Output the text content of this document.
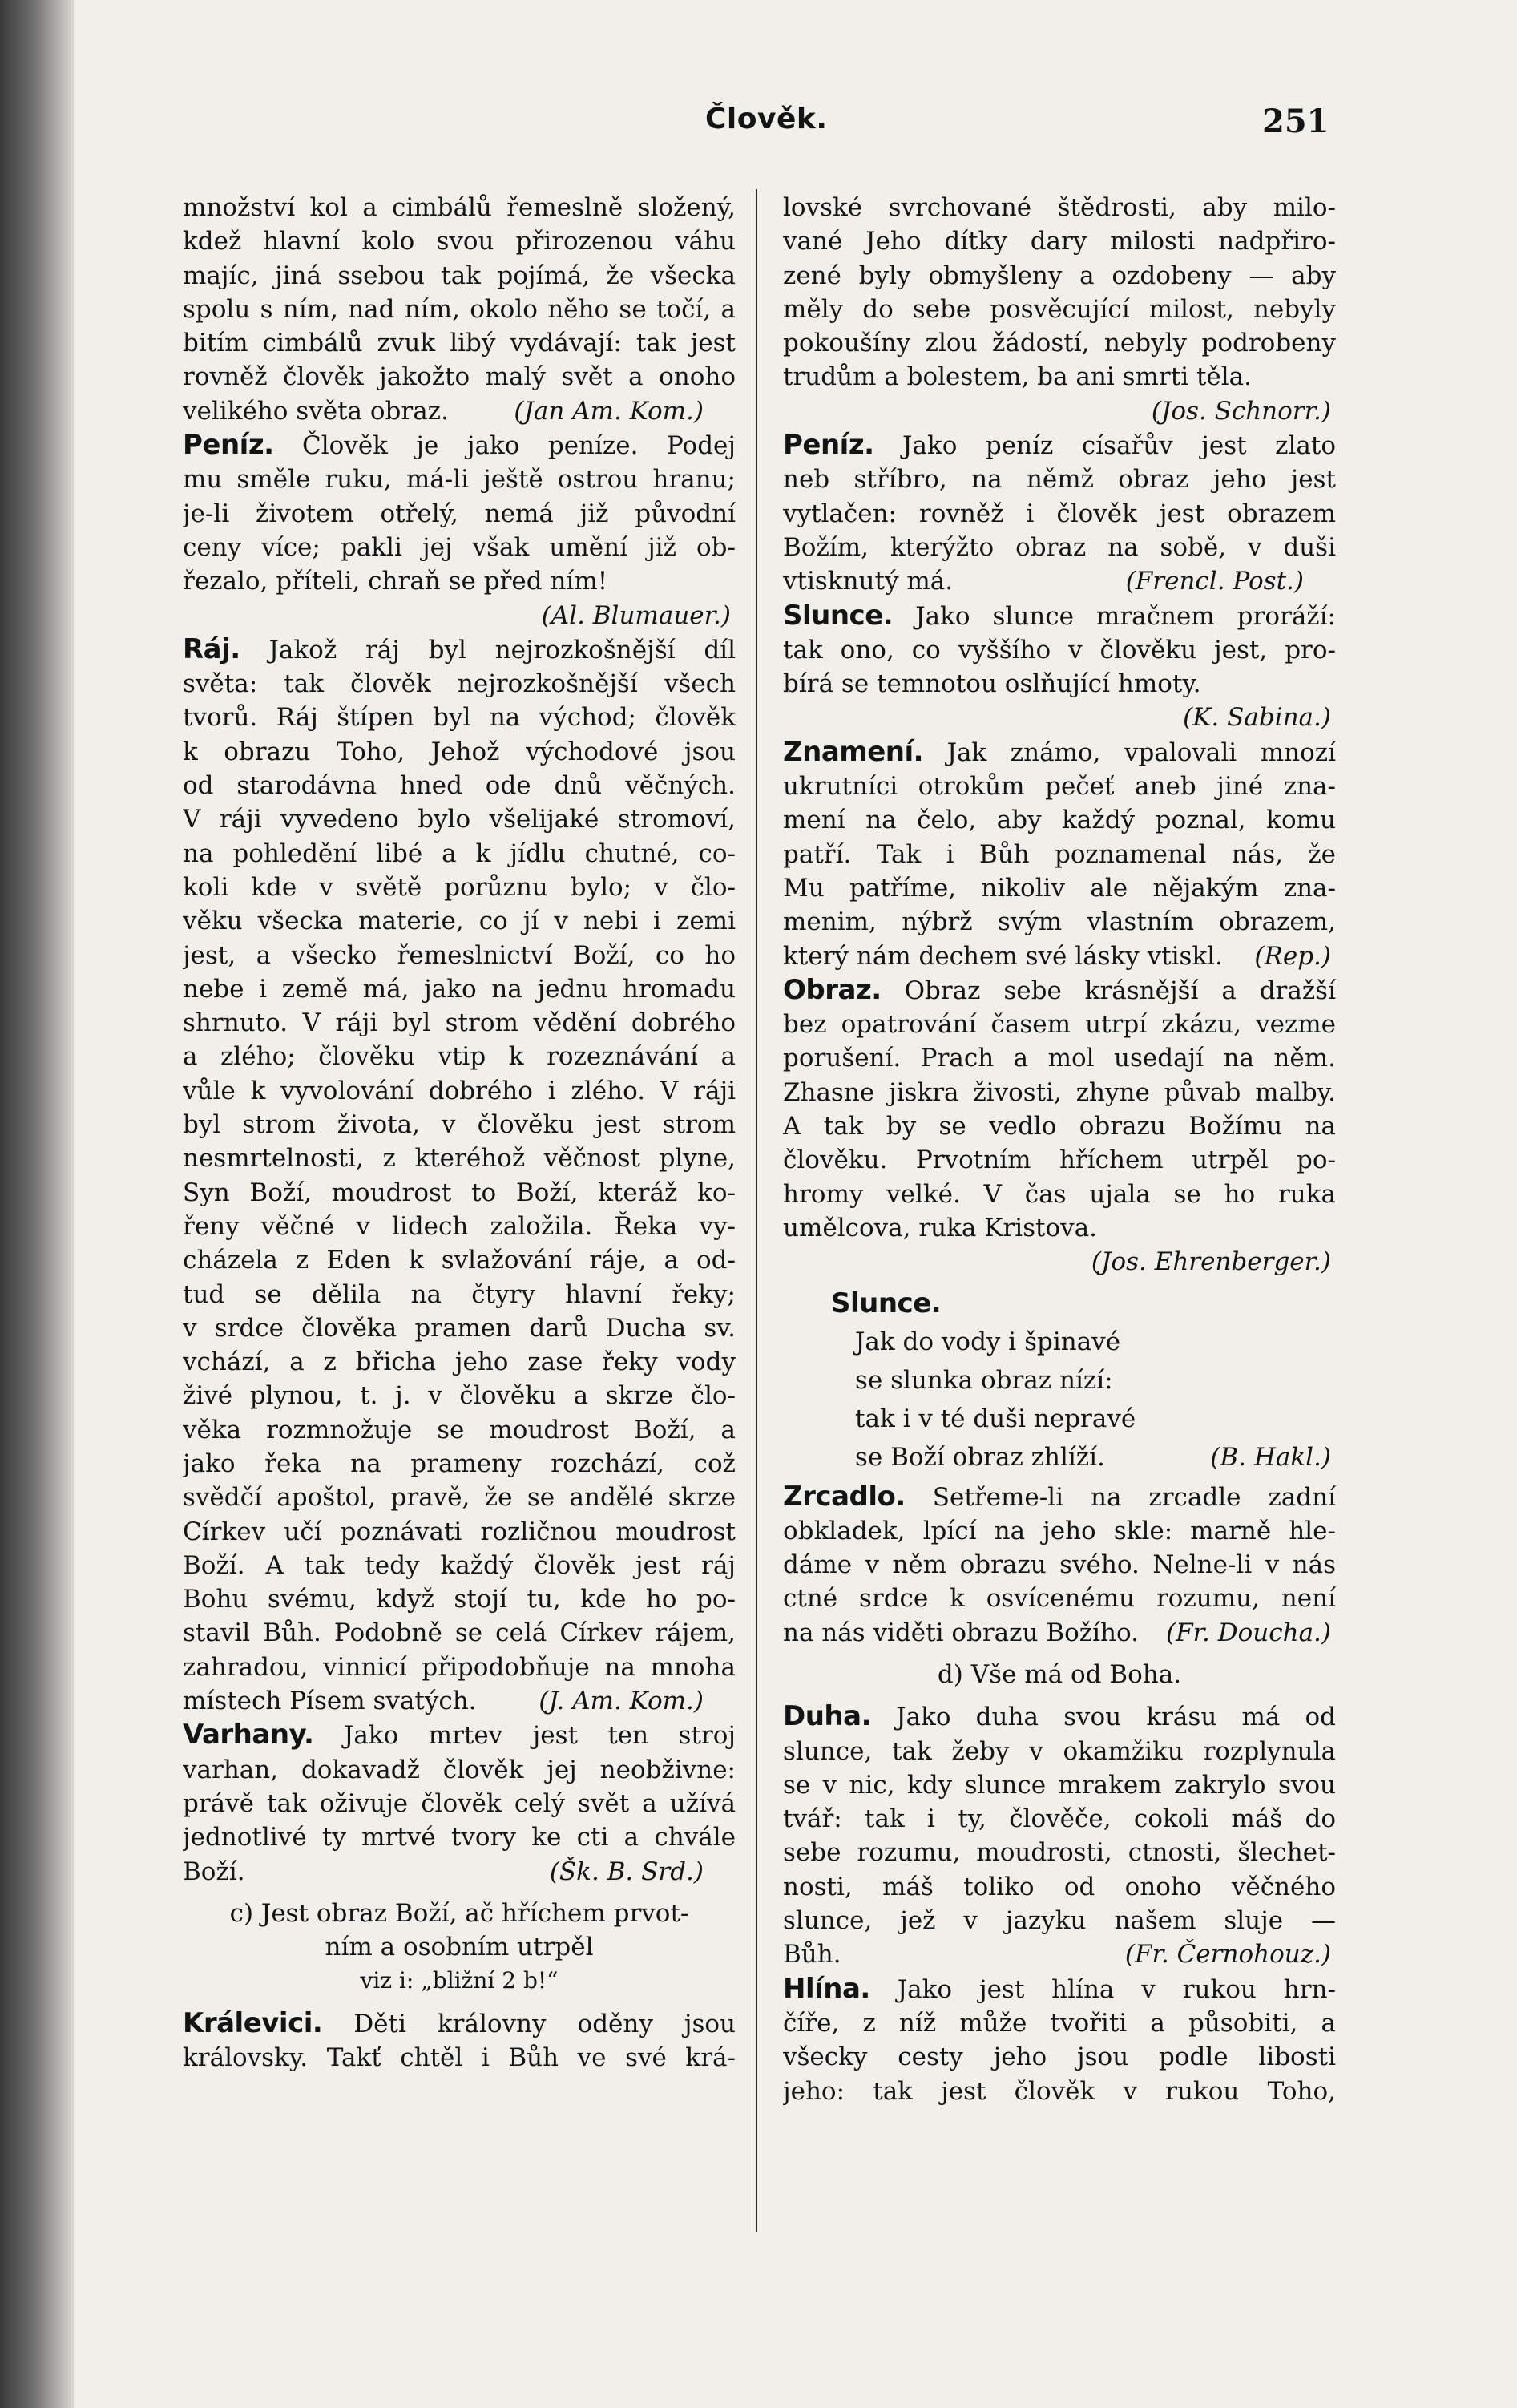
Člověk.	251
množství kol a cimbálů řemeslně složený,
kdež hlavní kolo svou přirozenou váhu
majíc, jiná ssebou tak pojímá, že všecka
spolu s ním, nad ním, okolo něho se točí, a
bitím cimbálů zvuk libý vydávají: tak jest
rovněž člověk jakožto malý svět a onoho
velikého světa obraz.	(Jan Am. Kom.)
Peníz. Člověk je jako peníze. Podej
mu směle ruku, má-li ještě ostrou hranu;
je-li životem otřelý, nemá již původní
ceny více; pakli jej však umění již ob-
řezalo, příteli, chraň se před ním!
(Al. Blumauer.)
Ráj. Jakož ráj byl nejrozkošnější díl
světa: tak člověk nejrozkošnější všech
tvorů. Ráj štípen byl na východ; člověk
k obrazu Toho, Jehož východové jsou
od starodávna hned ode dnů věčných.
V ráji vyvedeno bylo všelijaké stromoví,
na pohledění libé a k jídlu chutné, co-
koli kde v světě porůznu bylo; v člo-
věku všecka materie, co jí v nebi i zemi
jest, a všecko řemeslnictví Boží, co ho
nebe i země má, jako na jednu hromadu
shrnuto. V ráji byl strom vědění dobrého
a zlého; člověku vtip k rozeznávání a
vůle k vyvolování dobrého i zlého. V ráji
byl strom života, v člověku jest strom
nesmrtelnosti, z kteréhož věčnost plyne,
Syn Boží, moudrost to Boží, kteráž ko-
řeny věčné v lidech založila. Řeka vy-
cházela z Eden k svlažování ráje, a od-
tud se dělila na čtyry hlavní řeky;
v srdce člověka pramen darů Ducha sv.
vchází, a z břicha jeho zase řeky vody
živé plynou, t. j. v člověku a skrze člo-
věka rozmnožuje se moudrost Boží, a
jako řeka na prameny rozchází, což
svědčí apoštol, pravě, že se andělé skrze
Církev učí poznávati rozličnou moudrost
Boží. A tak tedy každý člověk jest ráj
Bohu svému, když stojí tu, kde ho po-
stavil Bůh. Podobně se celá Církev rájem,
zahradou, vinnicí připodobňuje na mnoha
místech Písem svatých.	(J. Am. Kom.)
Varhany. Jako mrtev jest ten stroj
varhan, dokavadž člověk jej neobživne:
právě tak oživuje člověk celý svět a užívá
jednotlivé ty mrtvé tvory ke cti a chvále
Boží.	(Šk. B. Srd.)
c) Jest obraz Boží, ač hříchem prvot-
ním a osobním utrpěl
viz i: „bližní 2 b!“
Králevici. Děti královny oděny jsou
královsky. Takť chtěl i Bůh ve své krá-
lovské svrchované štědrosti, aby milo-
vané Jeho dítky dary milosti nadpřiro-
zené byly obmyšleny a ozdobeny — aby
měly do sebe posvěcující milost, nebyly
pokoušíny zlou žádostí, nebyly podrobeny
trudům a bolestem, ba ani smrti těla.
(Jos. Schnorr.)
Peníz. Jako peníz císařův jest zlato
neb stříbro, na němž obraz jeho jest
vytlačen: rovněž i člověk jest obrazem
Božím, kterýžto obraz na sobě, v duši
vtisknutý má.	(Frencl. Post.)
Slunce. Jako slunce mračnem proráží:
tak ono, co vyššího v člověku jest, pro-
bírá se temnotou oslňující hmoty.
(K. Sabina.)
Znamení. Jak známo, vpalovali mnozí
ukrutníci otrokům pečeť aneb jiné zna-
mení na čelo, aby každý poznal, komu
patří. Tak i Bůh poznamenal nás, že
Mu patříme, nikoliv ale nějakým zna-
menim, nýbrž svým vlastním obrazem,
který nám dechem své lásky vtiskl. (Rep.)
Obraz. Obraz sebe krásnější a dražší
bez opatrování časem utrpí zkázu, vezme
porušení. Prach a mol usedají na něm.
Zhasne jiskra živosti, zhyne půvab malby.
A tak by se vedlo obrazu Božímu na
člověku. Prvotním hříchem utrpěl po-
hromy velké. V čas ujala se ho ruka
umělcova, ruka Kristova.
(Jos. Ehrenberger.)
Slunce.
Jak do vody i špinavé
se slunka obraz nízí:
tak i v té duši nepravé
se Boží obraz zhlíží.	(B. Hakl.)
Zrcadlo. Setřeme-li na zrcadle zadní
obkladek, lpící na jeho skle: marně hle-
dáme v něm obrazu svého. Nelne-li v nás
ctné srdce k osvícenému rozumu, není
na nás viděti obrazu Božího. (Fr. Doucha.)
d) Vše má od Boha.
Duha. Jako duha svou krásu má od
slunce, tak žeby v okamžiku rozplynula
se v nic, kdy slunce mrakem zakrylo svou
tvář: tak i ty, člověče, cokoli máš do
sebe rozumu, moudrosti, ctnosti, šlechet-
nosti, máš toliko od onoho věčného
slunce, jež v jazyku našem sluje —
Bůh.	(Fr. Černohouz.)
Hlína. Jako jest hlína v rukou hrn-
číře, z níž může tvořiti a působiti, a
všecky cesty jeho jsou podle libosti
jeho: tak jest člověk v rukou Toho,
